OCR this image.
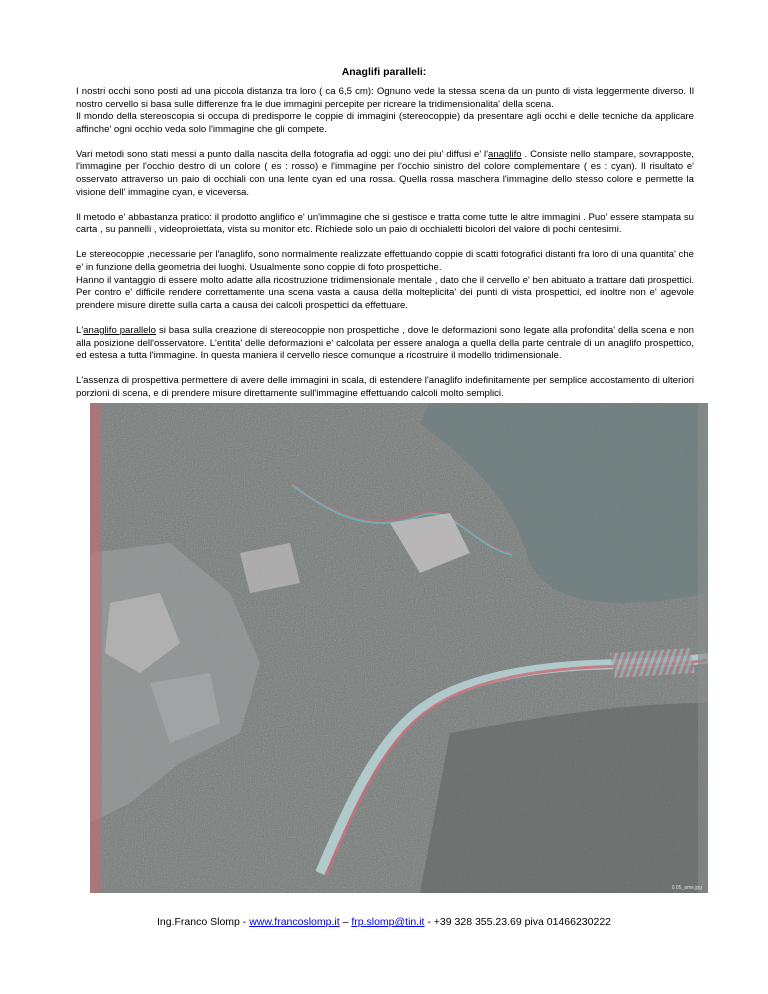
Anaglifi paralleli:

I nostri occhi sono posti ad una piccola distanza tra loro ( ca 6,5 cm): Ognuno vede la stessa scena da un punto di vista leggermente diverso. Il nostro cervello si basa sulle differenze fra le due immagini percepite per ricreare la tridimensionalita' della scena.
Il mondo della stereoscopia si occupa di predisporre le coppie di immagini (stereocoppie) da presentare agli occhi e delle tecniche da applicare affinche' ogni occhio veda solo l'immagine che gli compete.

Vari metodi sono stati messi a punto dalla nascita della fotografia ad oggi: uno dei piu' diffusi e' l'anaglifo . Consiste nello stampare, sovrapposte, l'immagine per l'occhio destro di un colore ( es : rosso) e l'immagine per l'occhio sinistro del colore complementare ( es : cyan). Il risultato e' osservato attraverso un paio di occhiali con una lente cyan ed una rossa. Quella rossa maschera l'immagine dello stesso colore e permette la visione dell' immagine cyan, e viceversa.

Il metodo e' abbastanza pratico: il prodotto anglifico e' un'immagine che si gestisce e tratta come tutte le altre immagini . Puo' essere stampata su carta , su pannelli , videoproiettata, vista su monitor etc. Richiede solo un paio di occhialetti bicolori del valore di pochi centesimi.

Le stereocoppie ,necessarie per l'anaglifo, sono normalmente realizzate effettuando coppie di scatti fotografici distanti fra loro di una quantita' che e' in funzione della geometria dei luoghi. Usualmente sono coppie di foto prospettiche.
Hanno il vantaggio di essere molto adatte alla ricostruzione tridimensionale mentale , dato che il cervello e' ben abituato a trattare dati prospettici. Per contro e' difficile rendere correttamente una scena vasta a causa della molteplicita' dei punti di vista prospettici, ed inoltre non e' agevole prendere misure dirette sulla carta a causa dei calcoli prospettici da effettuare.

L'anaglifo parallelo si basa sulla creazione di stereocoppie non prospettiche , dove le deformazioni sono legate alla profondita' della scena e non alla posizione dell'osservatore. L'entita' delle deformazioni e' calcolata per essere analoga a quella della parte centrale di un anaglifo prospettico, ed estesa a tutta l'immagine. In questa maniera il cervello riesce comunque a ricostruire il modello tridimensionale.

L'assenza di prospettiva permettere di avere delle immagini in scala, di estendere l'anaglifo indefinitamente per semplice accostamento di ulteriori porzioni di scena, e di prendere misure direttamente sull'immagine effettuando calcoli molto semplici.

0.05_ame.jpg
Ing.Franco Slomp - www.francoslomp.it – frp.slomp@tin.it - +39 328 355.23.69 piva 01466230222
